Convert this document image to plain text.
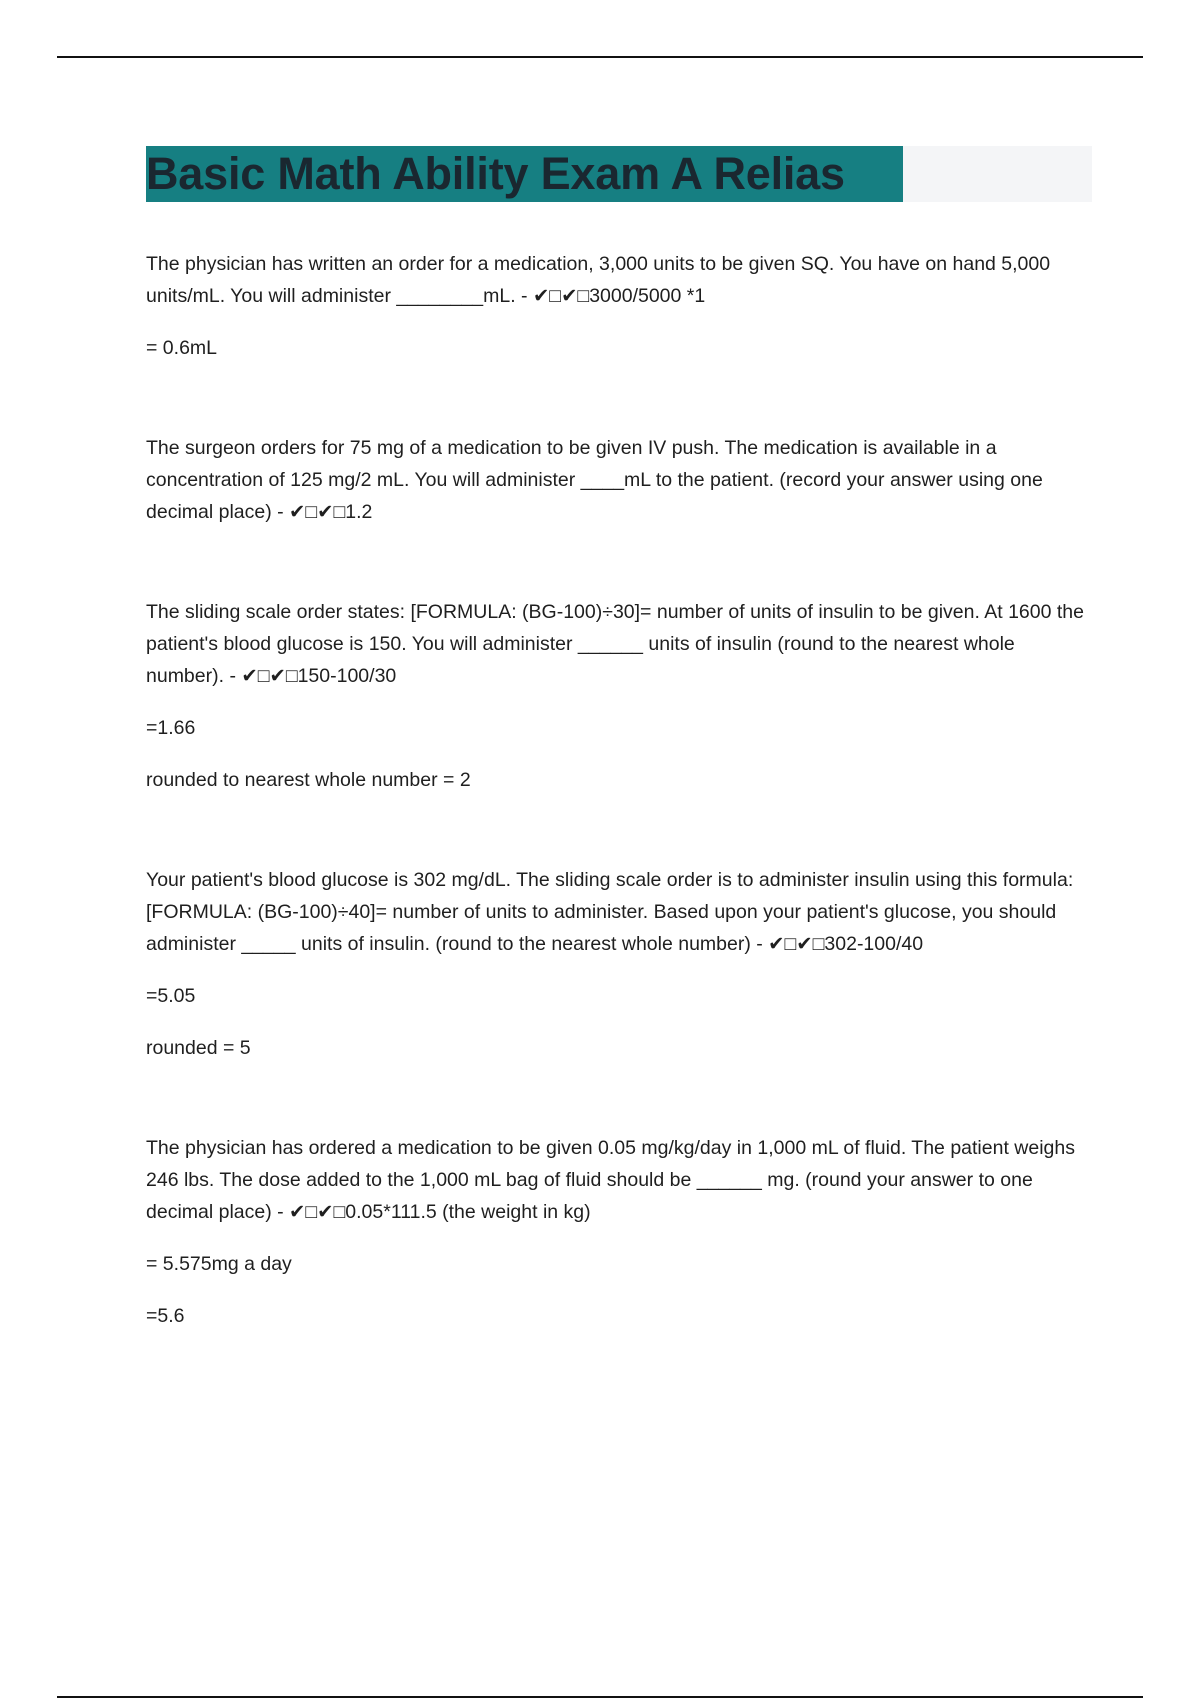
Basic Math Ability Exam A Relias

The physician has written an order for a medication, 3,000 units to be given SQ. You have on hand 5,000 units/mL. You will administer ________mL. - ✔□✔□3000/5000 *1

= 0.6mL

The surgeon orders for 75 mg of a medication to be given IV push. The medication is available in a concentration of 125 mg/2 mL. You will administer ____mL to the patient. (record your answer using one decimal place) - ✔□✔□1.2

The sliding scale order states: [FORMULA: (BG-100)÷30]= number of units of insulin to be given. At 1600 the patient's blood glucose is 150. You will administer ______ units of insulin (round to the nearest whole number). - ✔□✔□150-100/30

=1.66

rounded to nearest whole number = 2

Your patient's blood glucose is 302 mg/dL. The sliding scale order is to administer insulin using this formula: [FORMULA: (BG-100)÷40]= number of units to administer. Based upon your patient's glucose, you should administer _____ units of insulin. (round to the nearest whole number) - ✔□✔□302-100/40

=5.05

rounded = 5

The physician has ordered a medication to be given 0.05 mg/kg/day in 1,000 mL of fluid. The patient weighs 246 lbs. The dose added to the 1,000 mL bag of fluid should be ______ mg. (round your answer to one decimal place) - ✔□✔□0.05*111.5 (the weight in kg)

= 5.575mg a day

=5.6
